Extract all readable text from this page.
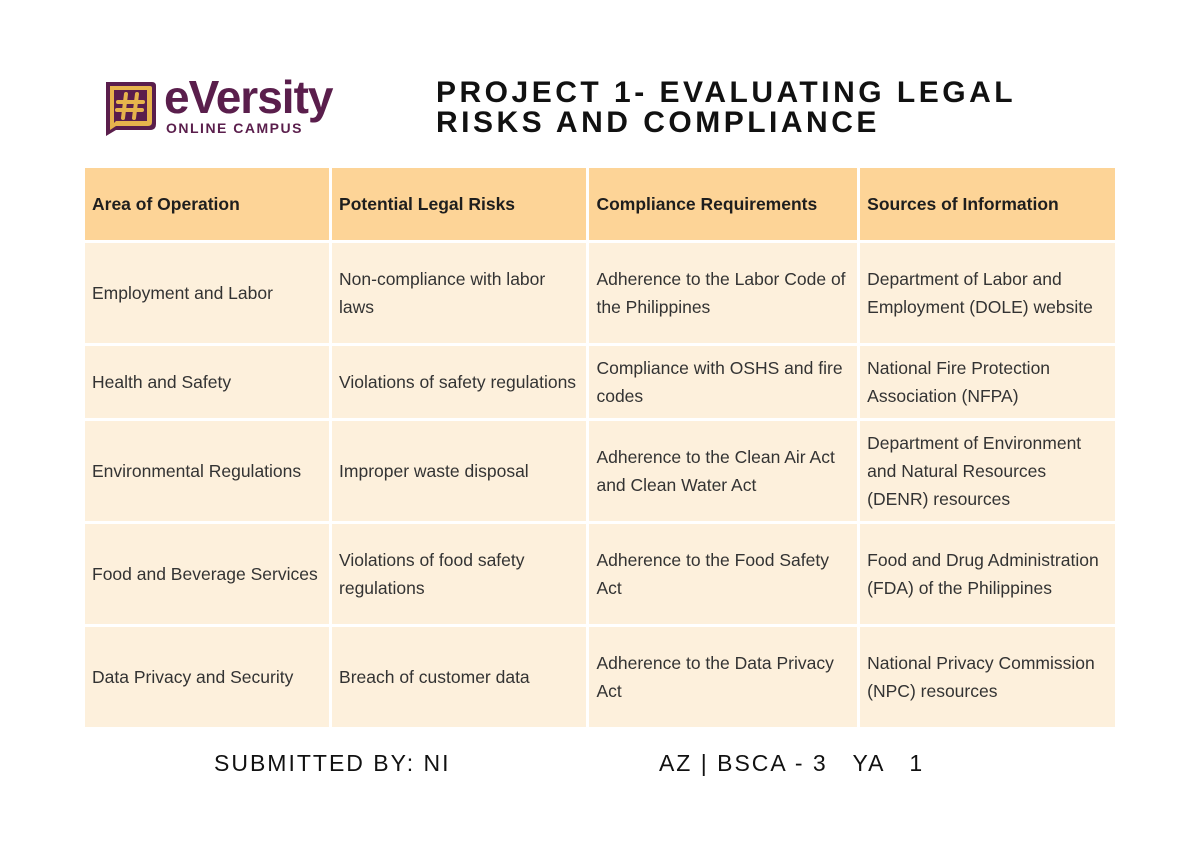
eVersity
ONLINE CAMPUS
PROJECT 1- EVALUATING LEGAL
RISKS AND COMPLIANCE
Area of Operation	Potential Legal Risks	Compliance Requirements	Sources of Information
Employment and Labor	Non-compliance with labor laws	Adherence to the Labor Code of the Philippines	Department of Labor and Employment (DOLE) website
Health and Safety	Violations of safety regulations	Compliance with OSHS and fire codes	National Fire Protection Association (NFPA)
Environmental Regulations	Improper waste disposal	Adherence to the Clean Air Act and Clean Water Act	Department of Environment and Natural Resources (DENR) resources
Food and Beverage Services	Violations of food safety regulations	Adherence to the Food Safety Act	Food and Drug Administration (FDA) of the Philippines
Data Privacy and Security	Breach of customer data	Adherence to the Data Privacy Act	National Privacy Commission (NPC) resources
SUBMITTED BY: NI                         AZ | BSCA - 3   YA   1
